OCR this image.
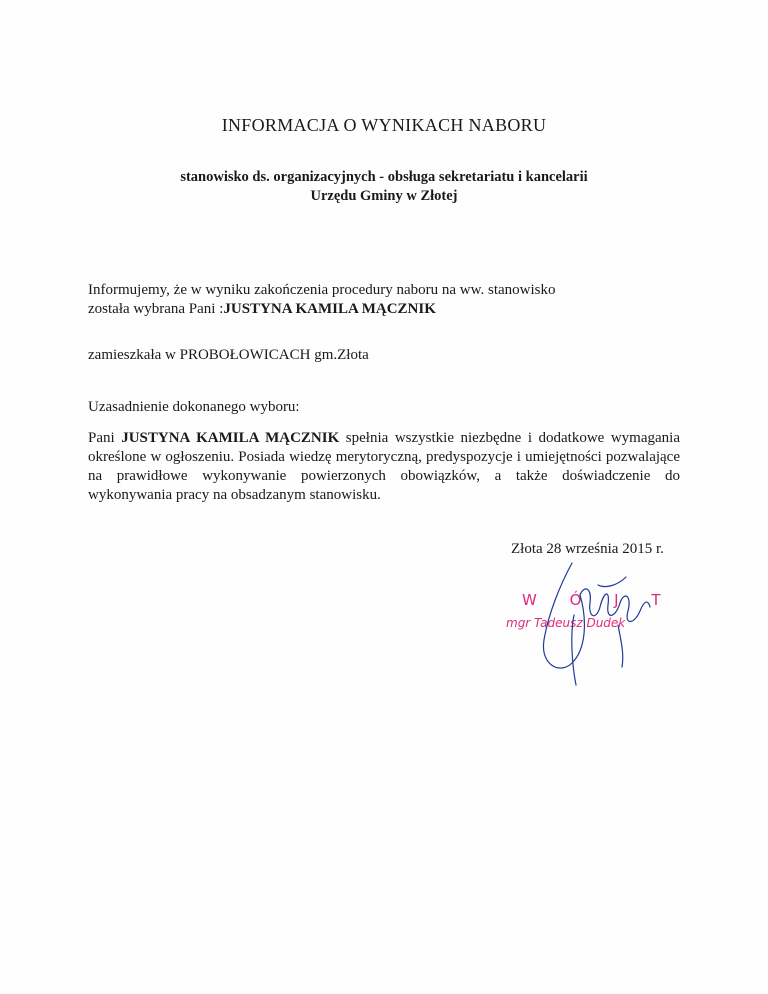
INFORMACJA O WYNIKACH NABORU
stanowisko ds. organizacyjnych - obsługa sekretariatu i kancelarii
Urzędu Gminy w Złotej
Informujemy, że w wyniku zakończenia procedury naboru na ww. stanowisko
została wybrana Pani :JUSTYNA KAMILA MĄCZNIK
zamieszkała w PROBOŁOWICACH gm.Złota
Uzasadnienie dokonanego wyboru:
Pani JUSTYNA KAMILA MĄCZNIK spełnia wszystkie niezbędne i dodatkowe wymagania określone w ogłoszeniu. Posiada wiedzę merytoryczną, predyspozycje i umiejętności pozwalające na prawidłowe wykonywanie powierzonych obowiązków, a także doświadczenie do wykonywania pracy na obsadzanym stanowisku.
Złota 28 września 2015 r.
W Ó J T
mgr Tadeusz Dudek
